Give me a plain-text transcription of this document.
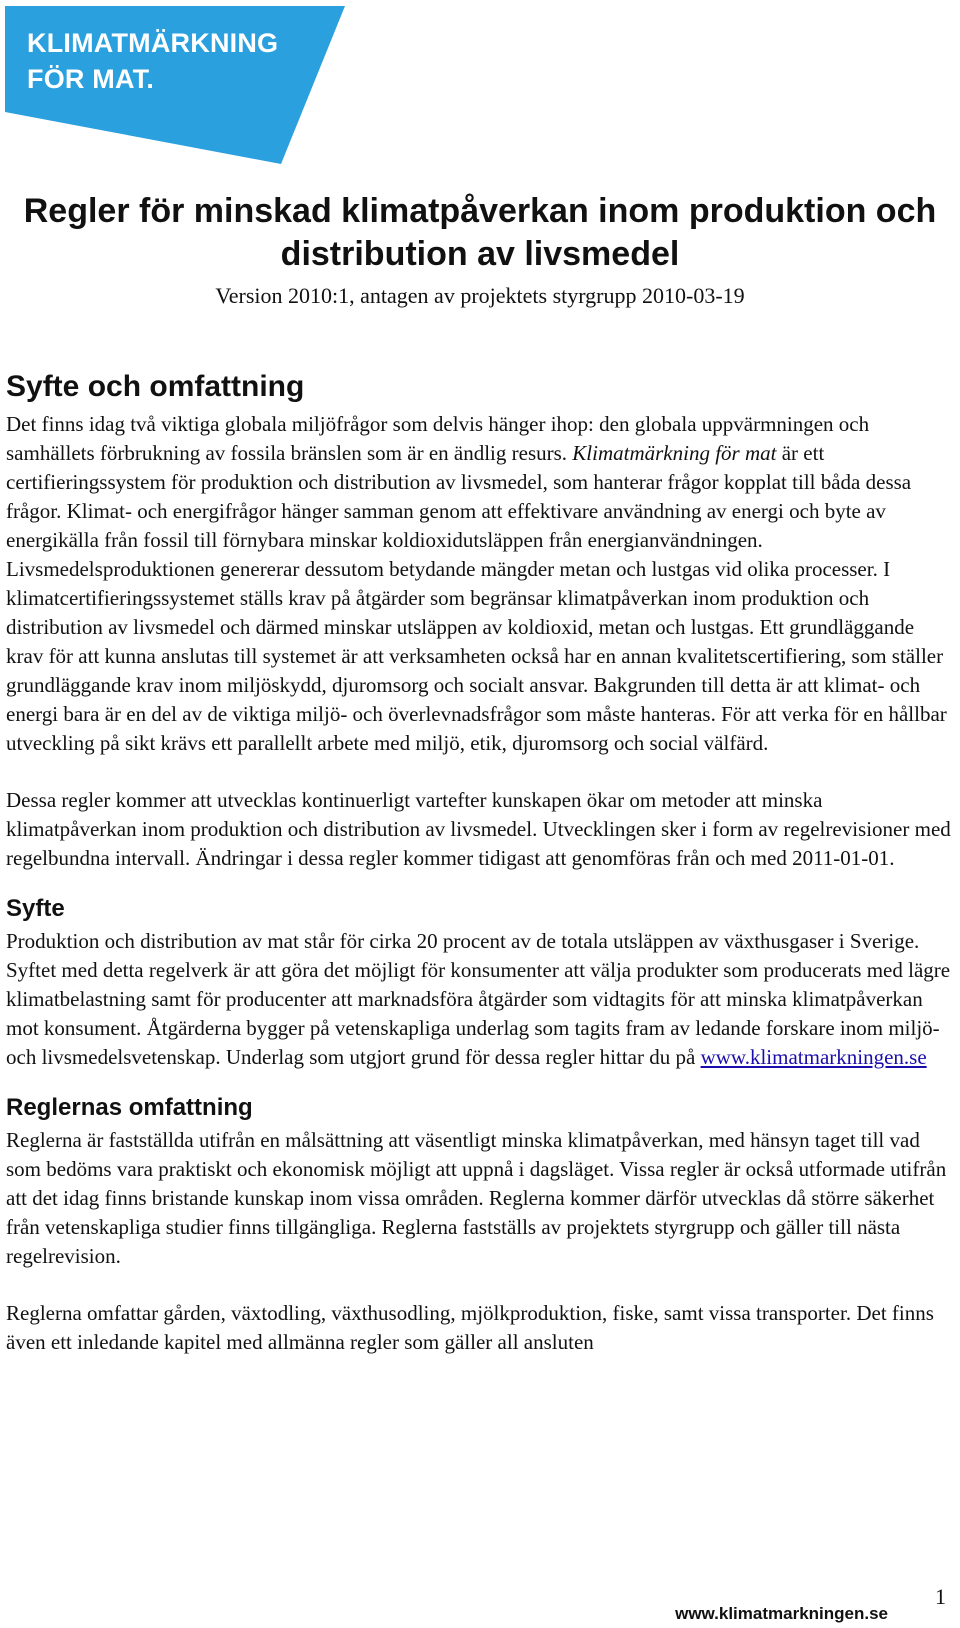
KLIMATMÄRKNING
FÖR MAT.
Regler för minskad klimatpåverkan inom produktion och distribution av livsmedel
Version 2010:1, antagen av projektets styrgrupp 2010-03-19
Syfte och omfattning

Det finns idag två viktiga globala miljöfrågor som delvis hänger ihop: den globala uppvärmningen och samhällets förbrukning av fossila bränslen som är en ändlig resurs. Klimatmärkning för mat är ett certifieringssystem för produktion och distribution av livsmedel, som hanterar frågor kopplat till båda dessa frågor. Klimat- och energifrågor hänger samman genom att effektivare användning av energi och byte av energikälla från fossil till förnybara minskar koldioxidutsläppen från energianvändningen. Livsmedelsproduktionen genererar dessutom betydande mängder metan och lustgas vid olika processer. I klimatcertifieringssystemet ställs krav på åtgärder som begränsar klimatpåverkan inom produktion och distribution av livsmedel och därmed minskar utsläppen av koldioxid, metan och lustgas. Ett grundläggande krav för att kunna anslutas till systemet är att verksamheten också har en annan kvalitetscertifiering, som ställer grundläggande krav inom miljöskydd, djuromsorg och socialt ansvar. Bakgrunden till detta är att klimat- och energi bara är en del av de viktiga miljö- och överlevnadsfrågor som måste hanteras. För att verka för en hållbar utveckling på sikt krävs ett parallellt arbete med miljö, etik, djuromsorg och social välfärd.

Dessa regler kommer att utvecklas kontinuerligt vartefter kunskapen ökar om metoder att minska klimatpåverkan inom produktion och distribution av livsmedel. Utvecklingen sker i form av regelrevisioner med regelbundna intervall. Ändringar i dessa regler kommer tidigast att genomföras från och med 2011-01-01.

Syfte

Produktion och distribution av mat står för cirka 20 procent av de totala utsläppen av växthusgaser i Sverige. Syftet med detta regelverk är att göra det möjligt för konsumenter att välja produkter som producerats med lägre klimatbelastning samt för producenter att marknadsföra åtgärder som vidtagits för att minska klimatpåverkan mot konsument. Åtgärderna bygger på vetenskapliga underlag som tagits fram av ledande forskare inom miljö- och livsmedelsvetenskap. Underlag som utgjort grund för dessa regler hittar du på www.klimatmarkningen.se

Reglernas omfattning

Reglerna är fastställda utifrån en målsättning att väsentligt minska klimatpåverkan, med hänsyn taget till vad som bedöms vara praktiskt och ekonomisk möjligt att uppnå i dagsläget. Vissa regler är också utformade utifrån att det idag finns bristande kunskap inom vissa områden. Reglerna kommer därför utvecklas då större säkerhet från vetenskapliga studier finns tillgängliga. Reglerna fastställs av projektets styrgrupp och gäller till nästa regelrevision.

Reglerna omfattar gården, växtodling, växthusodling, mjölkproduktion, fiske, samt vissa transporter. Det finns även ett inledande kapitel med allmänna regler som gäller all ansluten

1
www.klimatmarkningen.se
